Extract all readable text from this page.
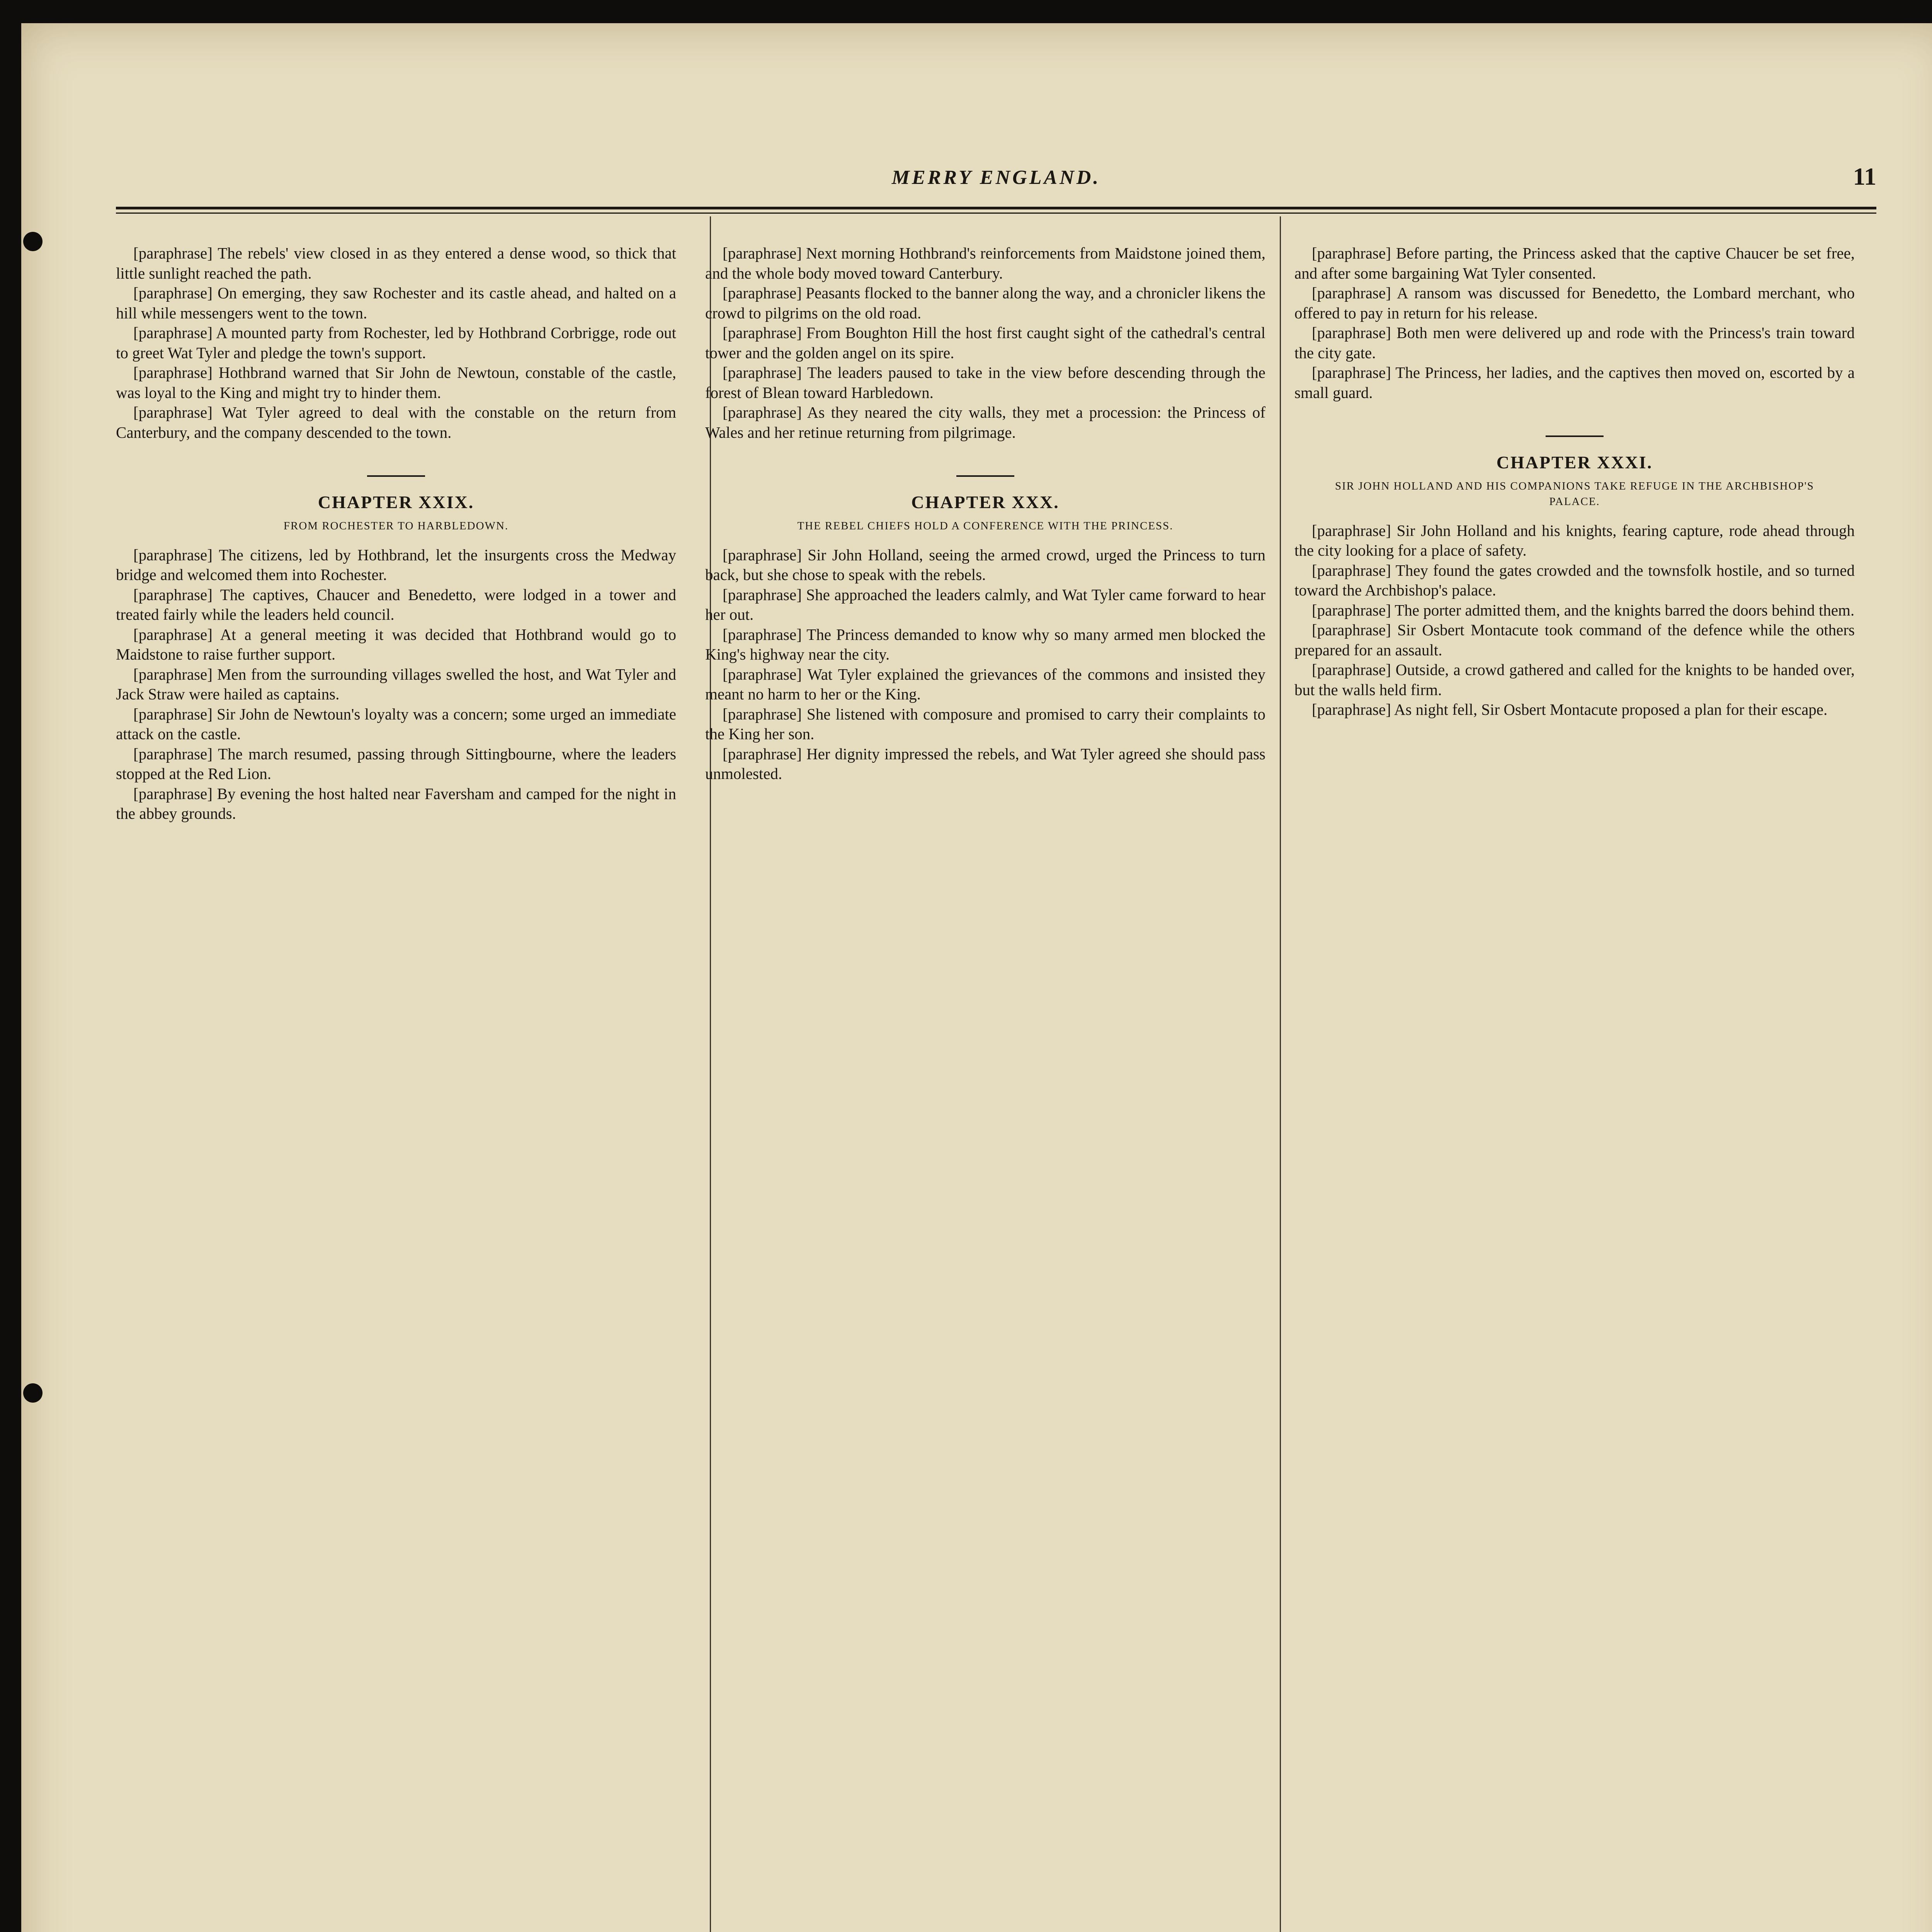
MERRY ENGLAND.	11

[paraphrase] The rebels' view closed in as they entered a dense wood, so thick that little sunlight reached the path.

[paraphrase] On emerging, they saw Rochester and its castle ahead, and halted on a hill while messengers went to the town.

[paraphrase] A mounted party from Rochester, led by Hothbrand Corbrigge, rode out to greet Wat Tyler and pledge the town's support.

[paraphrase] Hothbrand warned that Sir John de Newtoun, constable of the castle, was loyal to the King and might try to hinder them.

[paraphrase] Wat Tyler agreed to deal with the constable on the return from Canterbury, and the company descended to the town.

CHAPTER XXIX.
FROM ROCHESTER TO HARBLEDOWN.

[paraphrase] The citizens, led by Hothbrand, let the insurgents cross the Medway bridge and welcomed them into Rochester.

[paraphrase] The captives, Chaucer and Benedetto, were lodged in a tower and treated fairly while the leaders held council.

[paraphrase] At a general meeting it was decided that Hothbrand would go to Maidstone to raise further support.

[paraphrase] Men from the surrounding villages swelled the host, and Wat Tyler and Jack Straw were hailed as captains.

[paraphrase] Sir John de Newtoun's loyalty was a concern; some urged an immediate attack on the castle.

[paraphrase] The march resumed, passing through Sittingbourne, where the leaders stopped at the Red Lion.

[paraphrase] By evening the host halted near Faversham and camped for the night in the abbey grounds.

[paraphrase] Next morning Hothbrand's reinforcements from Maidstone joined them, and the whole body moved toward Canterbury.

[paraphrase] Peasants flocked to the banner along the way, and a chronicler likens the crowd to pilgrims on the old road.

[paraphrase] From Boughton Hill the host first caught sight of the cathedral's central tower and the golden angel on its spire.

[paraphrase] The leaders paused to take in the view before descending through the forest of Blean toward Harbledown.

[paraphrase] As they neared the city walls, they met a procession: the Princess of Wales and her retinue returning from pilgrimage.

CHAPTER XXX.
THE REBEL CHIEFS HOLD A CONFERENCE WITH THE PRINCESS.

[paraphrase] Sir John Holland, seeing the armed crowd, urged the Princess to turn back, but she chose to speak with the rebels.

[paraphrase] She approached the leaders calmly, and Wat Tyler came forward to hear her out.

[paraphrase] The Princess demanded to know why so many armed men blocked the King's highway near the city.

[paraphrase] Wat Tyler explained the grievances of the commons and insisted they meant no harm to her or the King.

[paraphrase] She listened with composure and promised to carry their complaints to the King her son.

[paraphrase] Her dignity impressed the rebels, and Wat Tyler agreed she should pass unmolested.

[paraphrase] Before parting, the Princess asked that the captive Chaucer be set free, and after some bargaining Wat Tyler consented.

[paraphrase] A ransom was discussed for Benedetto, the Lombard merchant, who offered to pay in return for his release.

[paraphrase] Both men were delivered up and rode with the Princess's train toward the city gate.

[paraphrase] The Princess, her ladies, and the captives then moved on, escorted by a small guard.

CHAPTER XXXI.
SIR JOHN HOLLAND AND HIS COMPANIONS TAKE REFUGE IN THE ARCHBISHOP'S PALACE.

[paraphrase] Sir John Holland and his knights, fearing capture, rode ahead through the city looking for a place of safety.

[paraphrase] They found the gates crowded and the townsfolk hostile, and so turned toward the Archbishop's palace.

[paraphrase] The porter admitted them, and the knights barred the doors behind them.

[paraphrase] Sir Osbert Montacute took command of the defence while the others prepared for an assault.

[paraphrase] Outside, a crowd gathered and called for the knights to be handed over, but the walls held firm.

[paraphrase] As night fell, Sir Osbert Montacute proposed a plan for their escape.
